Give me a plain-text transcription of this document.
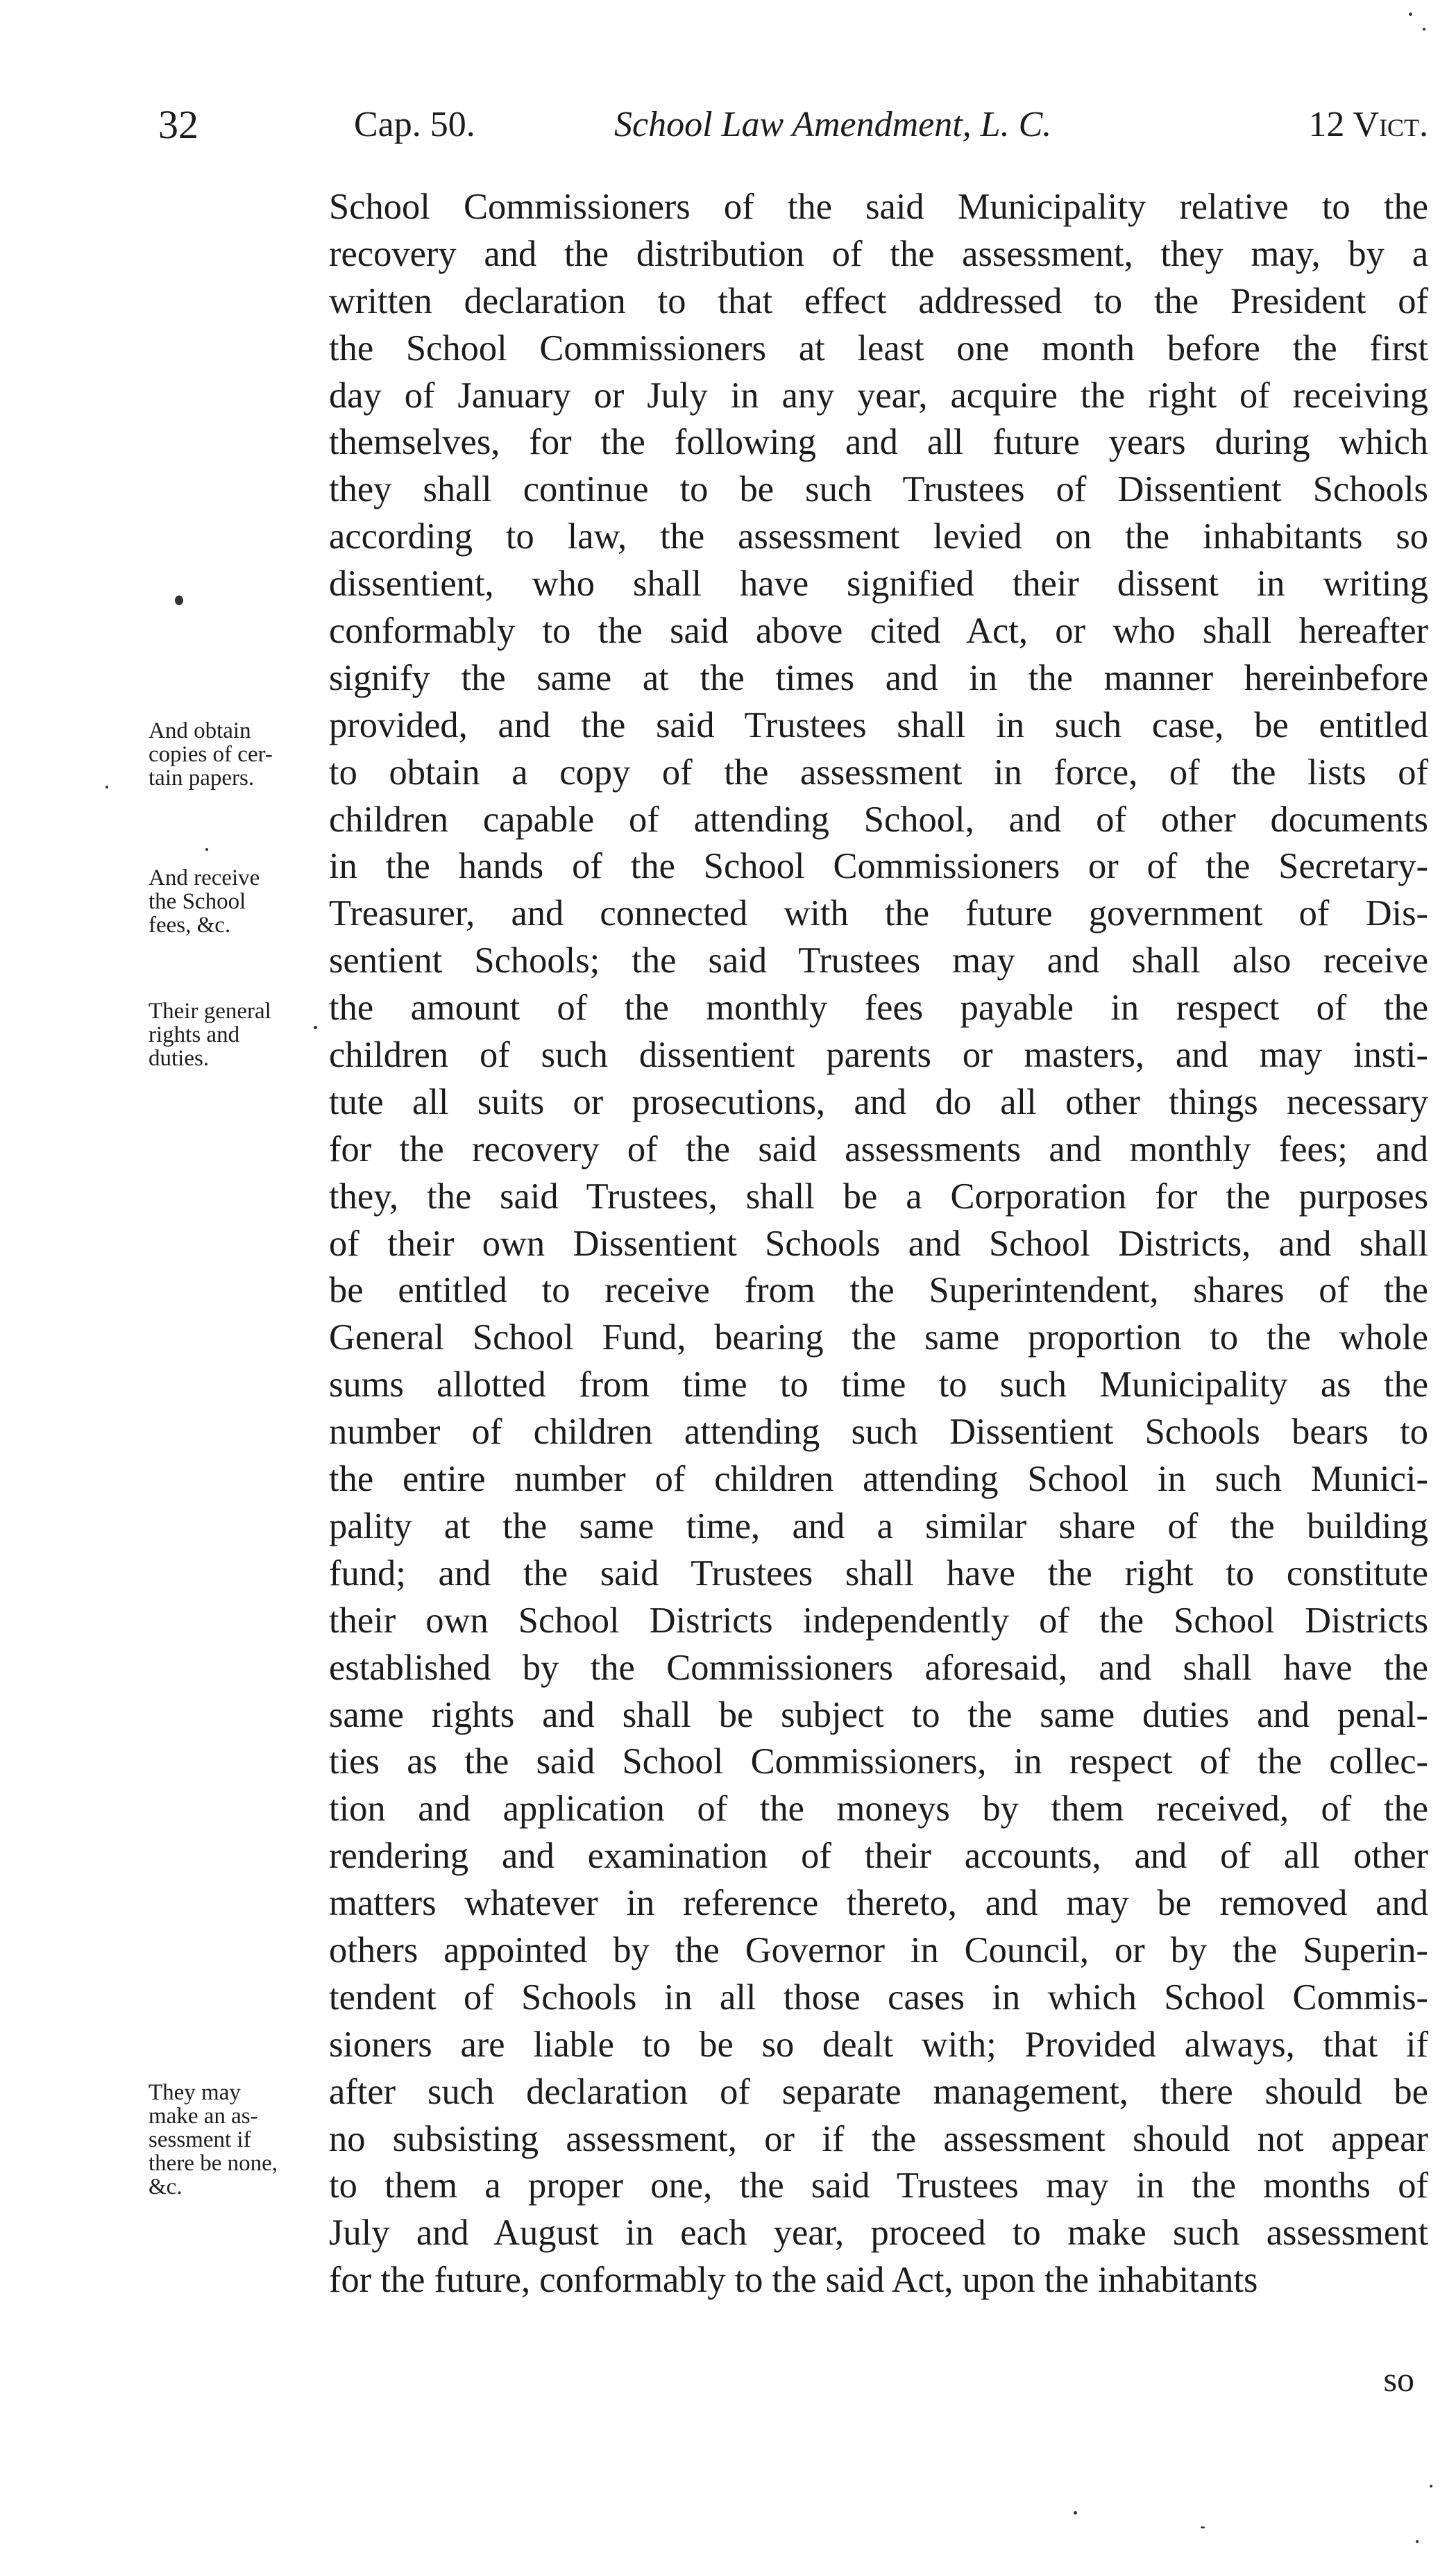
32	Cap. 50.	School Law Amendment, L. C.	12 Vict.
And obtain
copies of cer-
tain papers.
And receive
the School
fees, &c.
Their general
rights and
duties.
They may
make an as-
sessment if
there be none,
&c.
School Commissioners of the said Municipality relative to the
recovery and the distribution of the assessment, they may, by a
written declaration to that effect addressed to the President of
the School Commissioners at least one month before the first
day of January or July in any year, acquire the right of receiving
themselves, for the following and all future years during which
they shall continue to be such Trustees of Dissentient Schools
according to law, the assessment levied on the inhabitants so
dissentient, who shall have signified their dissent in writing
conformably to the said above cited Act, or who shall hereafter
signify the same at the times and in the manner hereinbefore
provided, and the said Trustees shall in such case, be entitled
to obtain a copy of the assessment in force, of the lists of
children capable of attending School, and of other documents
in the hands of the School Commissioners or of the Secretary-
Treasurer, and connected with the future government of Dis-
sentient Schools; the said Trustees may and shall also receive
the amount of the monthly fees payable in respect of the
children of such dissentient parents or masters, and may insti-
tute all suits or prosecutions, and do all other things necessary
for the recovery of the said assessments and monthly fees; and
they, the said Trustees, shall be a Corporation for the purposes
of their own Dissentient Schools and School Districts, and shall
be entitled to receive from the Superintendent, shares of the
General School Fund, bearing the same proportion to the whole
sums allotted from time to time to such Municipality as the
number of children attending such Dissentient Schools bears to
the entire number of children attending School in such Munici-
pality at the same time, and a similar share of the building
fund; and the said Trustees shall have the right to constitute
their own School Districts independently of the School Districts
established by the Commissioners aforesaid, and shall have the
same rights and shall be subject to the same duties and penal-
ties as the said School Commissioners, in respect of the collec-
tion and application of the moneys by them received, of the
rendering and examination of their accounts, and of all other
matters whatever in reference thereto, and may be removed and
others appointed by the Governor in Council, or by the Superin-
tendent of Schools in all those cases in which School Commis-
sioners are liable to be so dealt with; Provided always, that if
after such declaration of separate management, there should be
no subsisting assessment, or if the assessment should not appear
to them a proper one, the said Trustees may in the months of
July and August in each year, proceed to make such assessment
for the future, conformably to the said Act, upon the inhabitants
so
